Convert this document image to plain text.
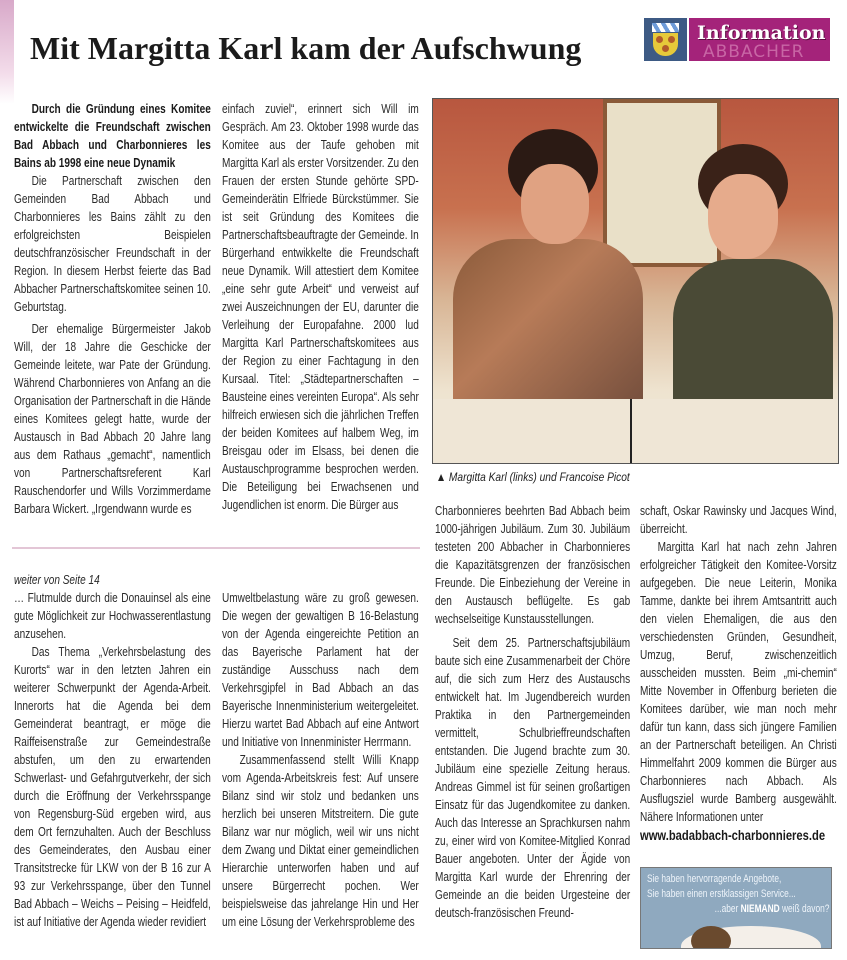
Mit Margitta Karl kam der Aufschwung	ABBACHER
Information

Durch die Gründung eines Komitee entwickelte die Freundschaft zwischen Bad Abbach und Charbonnieres les Bains ab 1998 eine neue Dynamik

Die Partnerschaft zwischen den Gemeinden Bad Abbach und Charbonnieres les Bains zählt zu den erfolgreichsten Beispielen deutschfranzösischer Freundschaft in der Region. In diesem Herbst feierte das Bad Abbacher Partnerschaftskomitee seinen 10. Geburtstag.

Der ehemalige Bürgermeister Jakob Will, der 18 Jahre die Geschicke der Gemeinde leitete, war Pate der Gründung. Während Charbonnieres von Anfang an die Organisation der Partnerschaft in die Hände eines Komitees gelegt hatte, wurde der Austausch in Bad Abbach 20 Jahre lang aus dem Rathaus „gemacht“, namentlich von Partnerschaftsreferent Karl Rauschendorfer und Wills Vorzimmerdame Barbara Wickert. „Irgendwann wurde es

einfach zuviel“, erinnert sich Will im Gespräch. Am 23. Oktober 1998 wurde das Komitee aus der Taufe gehoben mit Margitta Karl als erster Vorsitzender. Zu den Frauen der ersten Stunde gehörte SPD-Gemeinderätin Elfriede Bürckstümmer. Sie ist seit Gründung des Komitees die Partnerschaftsbeauftragte der Gemeinde. In Bürgerhand entwikkelte die Freundschaft neue Dynamik. Will attestiert dem Komitee „eine sehr gute Arbeit“ und verweist auf zwei Auszeichnungen der EU, darunter die Verleihung der Europafahne. 2000 lud Margitta Karl Partnerschaftskomitees aus der Region zu einer Fachtagung in den Kursaal. Titel: „Städtepartnerschaften – Bausteine eines vereinten Europa“. Als sehr hilfreich erwiesen sich die jährlichen Treffen der beiden Komitees auf halbem Weg, im Breisgau oder im Elsass, bei denen die Austauschprogramme besprochen werden. Die Beteiligung bei Erwachsenen und Jugendlichen ist enorm. Die Bürger aus

▲ Margitta Karl (links) und Francoise Picot

Charbonnieres beehrten Bad Abbach beim 1000-jährigen Jubiläum. Zum 30. Jubiläum testeten 200 Abbacher in Charbonnieres die Kapazitätsgrenzen der französischen Freunde. Die Einbeziehung der Vereine in den Austausch beflügelte. Es gab wechselseitige Kunstausstellungen.

Seit dem 25. Partnerschaftsjubiläum baute sich eine Zusammenarbeit der Chöre auf, die sich zum Herz des Austauschs entwickelt hat. Im Jugendbereich wurden Praktika in den Partnergemeinden vermittelt, Schulbrieffreundschaften entstanden. Die Jugend brachte zum 30. Jubiläum eine spezielle Zeitung heraus. Andreas Gimmel ist für seinen großartigen Einsatz für das Jugendkomitee zu danken. Auch das Interesse an Sprachkursen nahm zu, einer wird von Komitee-Mitglied Konrad Bauer angeboten. Unter der Ägide von Margitta Karl wurde der Ehrenring der Gemeinde an die beiden Urgesteine der deutsch-französischen Freund-

schaft, Oskar Rawinsky und Jacques Wind, überreicht.

Margitta Karl hat nach zehn Jahren erfolgreicher Tätigkeit den Komitee-Vorsitz aufgegeben. Die neue Leiterin, Monika Tamme, dankte bei ihrem Amtsantritt auch den vielen Ehemaligen, die aus den verschiedensten Gründen, Gesundheit, Umzug, Beruf, zwischenzeitlich ausscheiden mussten. Beim „mi-chemin“ Mitte November in Offenburg berieten die Komitees darüber, wie man noch mehr dafür tun kann, dass sich jüngere Familien an der Partnerschaft beteiligen. An Christi Himmelfahrt 2009 kommen die Bürger aus Charbonnieres nach Abbach. Als Ausflugsziel wurde Bamberg ausgewählt. Nähere Informationen unter

www.badabbach-charbonnieres.de

weiter von Seite 14

… Flutmulde durch die Donauinsel als eine gute Möglichkeit zur Hochwasserentlastung anzusehen.

Das Thema „Verkehrsbelastung des Kurorts“ war in den letzten Jahren ein weiterer Schwerpunkt der Agenda-Arbeit. Innerorts hat die Agenda bei dem Gemeinderat beantragt, er möge die Raiffeisenstraße zur Gemeindestraße abstufen, um den zu erwartenden Schwerlast- und Gefahrgutverkehr, der sich durch die Eröffnung der Verkehrsspange von Regensburg-Süd ergeben wird, aus dem Ort fernzuhalten. Auch der Beschluss des Gemeinderates, den Ausbau einer Transitstrecke für LKW von der B 16 zur A 93 zur Verkehrsspange, über den Tunnel Bad Abbach – Weichs – Peising – Heidfeld, ist auf Initiative der Agenda wieder revidiert

Umweltbelastung wäre zu groß gewesen. Die wegen der gewaltigen B 16-Belastung von der Agenda eingereichte Petition an das Bayerische Parlament hat der zuständige Ausschuss nach dem Verkehrsgipfel in Bad Abbach an das Bayerische Innenministerium weitergeleitet. Hierzu wartet Bad Abbach auf eine Antwort und Initiative von Innenminister Herrmann.

Zusammenfassend stellt Willi Knapp vom Agenda-Arbeitskreis fest: Auf unsere Bilanz sind wir stolz und bedanken uns herzlich bei unseren Mitstreitern. Die gute Bilanz war nur möglich, weil wir uns nicht dem Zwang und Diktat einer gemeindlichen Hierarchie unterworfen haben und auf unsere Bürgerrecht pochen. Wer beispielsweise das jahrelange Hin und Her um eine Lösung der Verkehrsprobleme des

Sie haben hervorragende Angebote,
Sie haben einen erstklassigen Service...
...aber NIEMAND weiß davon?
